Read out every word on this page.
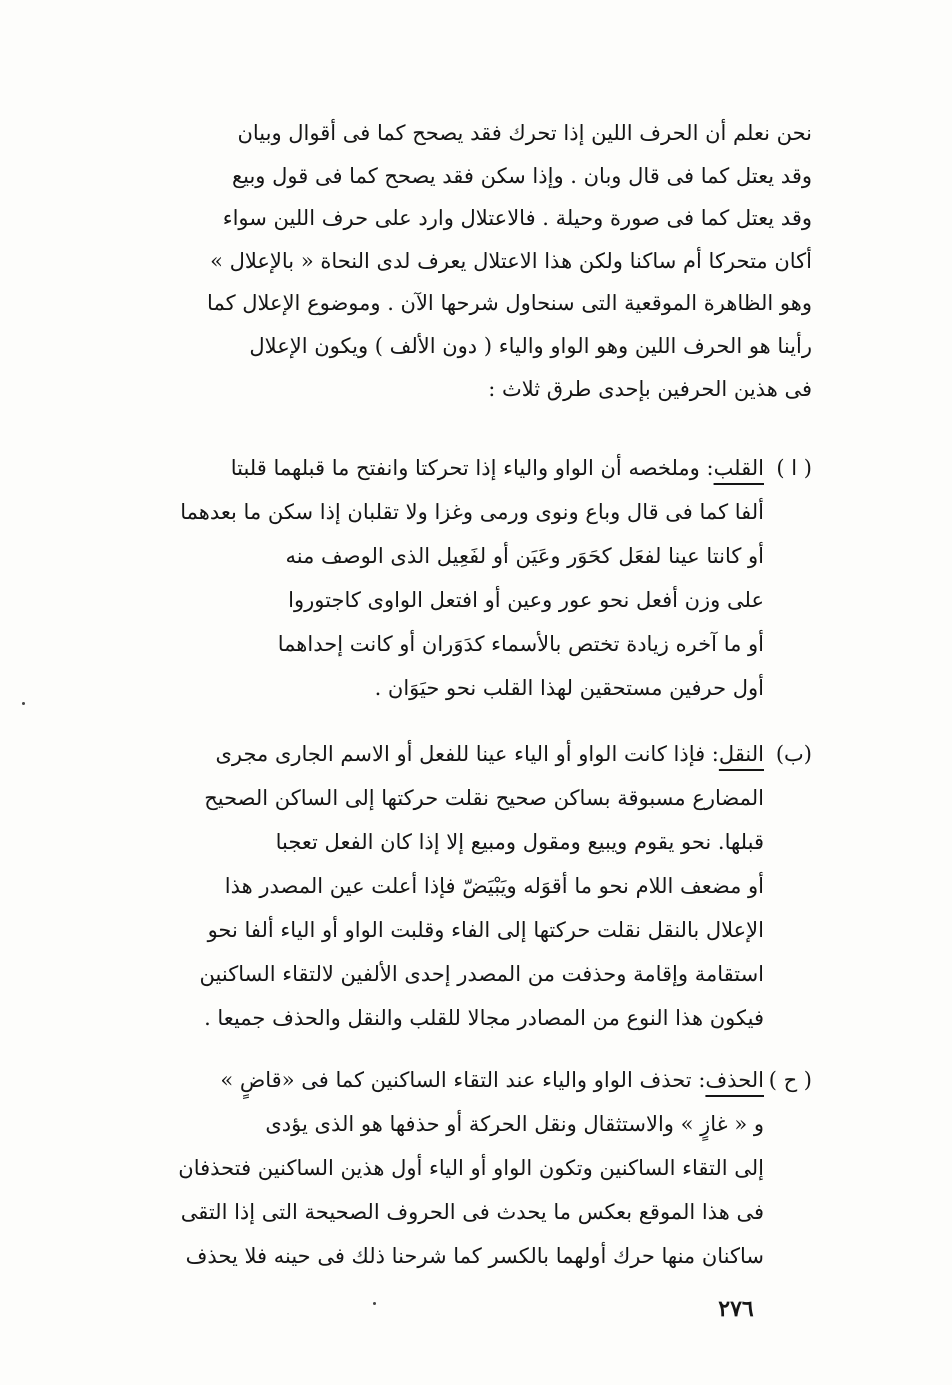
نحن نعلم أن الحرف اللين إذا تحرك فقد يصحح كما فى أقوال وبيان
وقد يعتل كما فى قال وبان . وإذا سكن فقد يصحح كما فى قول وبيع
وقد يعتل كما فى صورة وحيلة . فالاعتلال وارد على حرف اللين سواء
أكان متحركا أم ساكنا ولكن هذا الاعتلال يعرف لدى النحاة « بالإعلال »
وهو الظاهرة الموقعية التى سنحاول شرحها الآن . وموضوع الإعلال كما
رأينا هو الحرف اللين وهو الواو والياء ( دون الألف ) ويكون الإعلال
فى هذين الحرفين بإحدى طرق ثلاث :
( ا )
القلب
: وملخصه أن الواو والياء إذا تحركتا وانفتح ما قبلهما قلبتا
ألفا كما فى قال وباع ونوى ورمى وغزا ولا تقلبان إذا سكن ما بعدهما
أو كانتا عينا لفعَل كحَوَر وعَيَن أو لفَعِيل الذى الوصف منه
على وزن أفعل نحو عور وعين أو افتعل الواوى كاجتوروا
أو ما آخره زيادة تختص بالأسماء كدَوَران أو كانت إحداهما
أول حرفين مستحقين لهذا القلب نحو حيَوَان .
(ب)
النقل
: فإذا كانت الواو أو الياء عينا للفعل أو الاسم الجارى مجرى
المضارع مسبوقة بساكن صحيح نقلت حركتها إلى الساكن الصحيح
قبلها. نحو يقوم ويبيع ومقول ومبيع إلا إذا كان الفعل تعجبا
أو مضعف اللام نحو ما أقوَله ويَبْيَضّ فإذا أعلت عين المصدر هذا
الإعلال بالنقل نقلت حركتها إلى الفاء وقلبت الواو أو الياء ألفا نحو
استقامة وإقامة وحذفت من المصدر إحدى الألفين لالتقاء الساكنين
فيكون هذا النوع من المصادر مجالا للقلب والنقل والحذف جميعا .
( ح )
الحذف
: تحذف الواو والياء عند التقاء الساكنين كما فى «قاضٍ »
و « غازٍ » والاستثقال ونقل الحركة أو حذفها هو الذى يؤدى
إلى التقاء الساكنين وتكون الواو أو الياء أول هذين الساكنين فتحذفان
فى هذا الموقع بعكس ما يحدث فى الحروف الصحيحة التى إذا التقى
ساكنان منها حرك أولهما بالكسر كما شرحنا ذلك فى حينه فلا يحذف
٢٧٦
